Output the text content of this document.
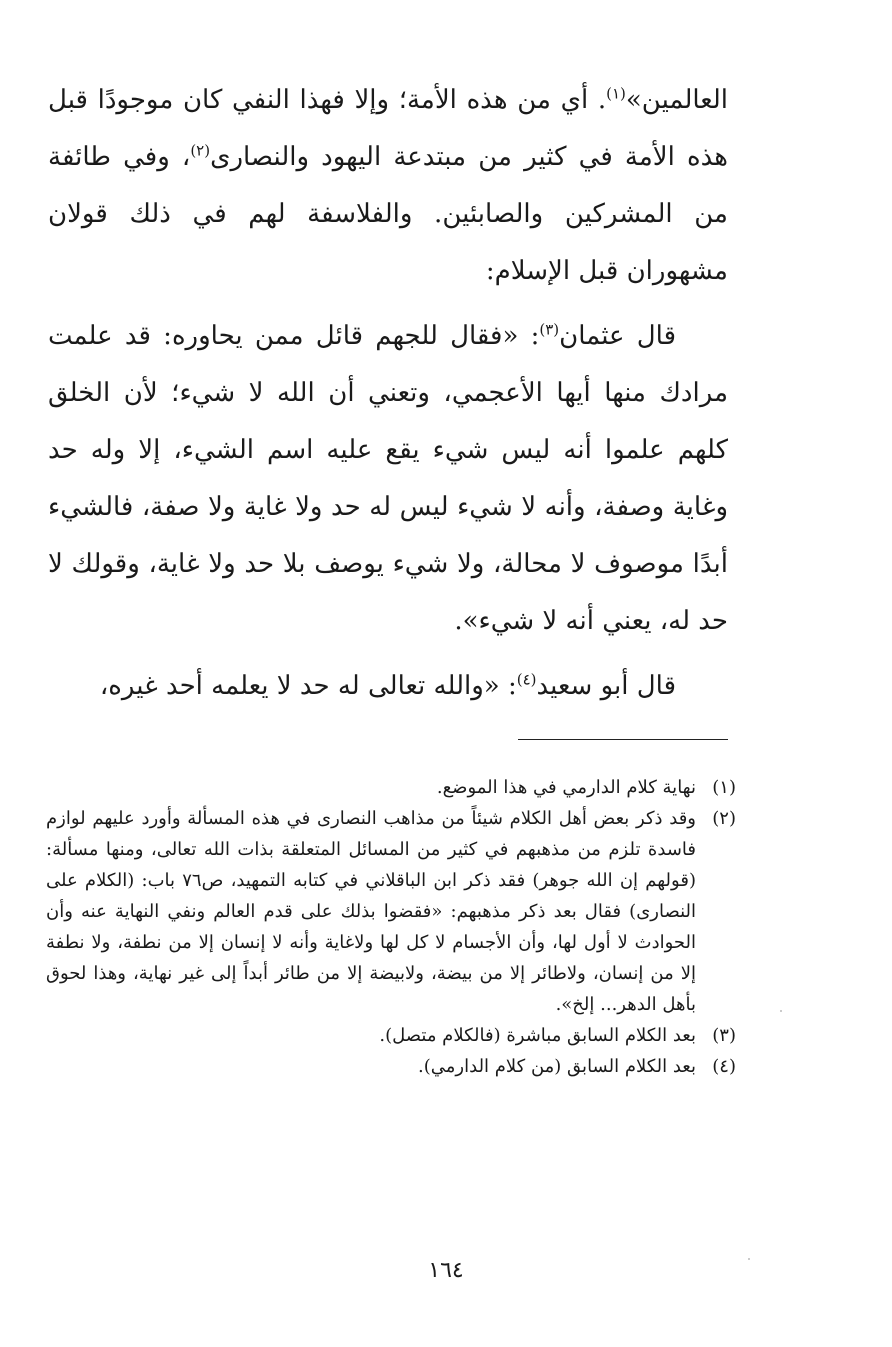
العالمين»$^{(١)}$. أي من هذه الأمة؛ وإلا فهذا النفي كان موجودًا قبل هذه الأمة في كثير من مبتدعة اليهود والنصارى$^{(٢)}$، وفي طائفة من المشركين والصابئين. والفلاسفة لهم في ذلك قولان مشهوران قبل الإسلام:

قال عثمان$^{(٣)}$: «فقال للجهم قائل ممن يحاوره: قد علمت مرادك منها أيها الأعجمي، وتعني أن الله لا شيء؛ لأن الخلق كلهم علموا أنه ليس شيء يقع عليه اسم الشيء، إلا وله حد وغاية وصفة، وأنه لا شيء ليس له حد ولا غاية ولا صفة، فالشيء أبدًا موصوف لا محالة، ولا شيء يوصف بلا حد ولا غاية، وقولك لا حد له، يعني أنه لا شيء».

قال أبو سعيد$^{(٤)}$: «والله تعالى له حد لا يعلمه أحد غيره،

(١)
نهاية كلام الدارمي في هذا الموضع.
(٢)
وقد ذكر بعض أهل الكلام شيئاً من مذاهب النصارى في هذه المسألة وأورد عليهم لوازم فاسدة تلزم من مذهبهم في كثير من المسائل المتعلقة بذات الله تعالى، ومنها مسألة: (قولهم إن الله جوهر) فقد ذكر ابن الباقلاني في كتابه التمهيد، ص٧٦ باب: (الكلام على النصارى) فقال بعد ذكر مذهبهم: «فقضوا بذلك على قدم العالم ونفي النهاية عنه وأن الحوادث لا أول لها، وأن الأجسام لا كل لها ولاغاية وأنه لا إنسان إلا من نطفة، ولا نطفة إلا من إنسان، ولاطائر إلا من بيضة، ولابيضة إلا من طائر أبداً إلى غير نهاية، وهذا لحوق بأهل الدهر... إلخ».
(٣)
بعد الكلام السابق مباشرة (فالكلام متصل).
(٤)
بعد الكلام السابق (من كلام الدارمي).
١٦٤
